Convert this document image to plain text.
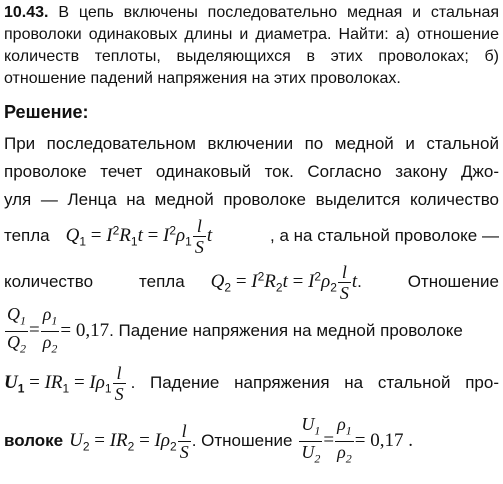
10.43. В цепь включены последовательно медная и стальная проволоки одинаковых длины и диаметра. Найти: а) отношение количеств теплоты, выделяющихся в этих проволоках; б) отношение падений напряжения на этих проволоках.
Решение:
При последовательном включении по медной и стальной
проволоке течет одинаковый ток. Согласно закону Джо-
уля — Ленца на медной проволоке выделится количество
тепла $Q_1 = I^2R_1t = I^2\rho_1 \frac{l}{S}$ t	, а на стальной проволоке —
количество	тепла $Q_2 = I^2R_2t = I^2\rho_2 \frac{l}{S} t$.	Отношение
$\frac{Q_1}{Q_2} = \frac{\rho_1}{\rho_2} = 0,17$ . Падение напряжения на медной проволоке
$U_1 = IR_1 = I\rho_1 \frac{l}{S}$ . Падение напряжения на стальной про-
волоке $U_2 = IR_2 = I\rho_2 \frac{l}{S}$ . Отношение $\frac{U_1}{U_2} = \frac{\rho_1}{\rho_2} = 0,17$ .
